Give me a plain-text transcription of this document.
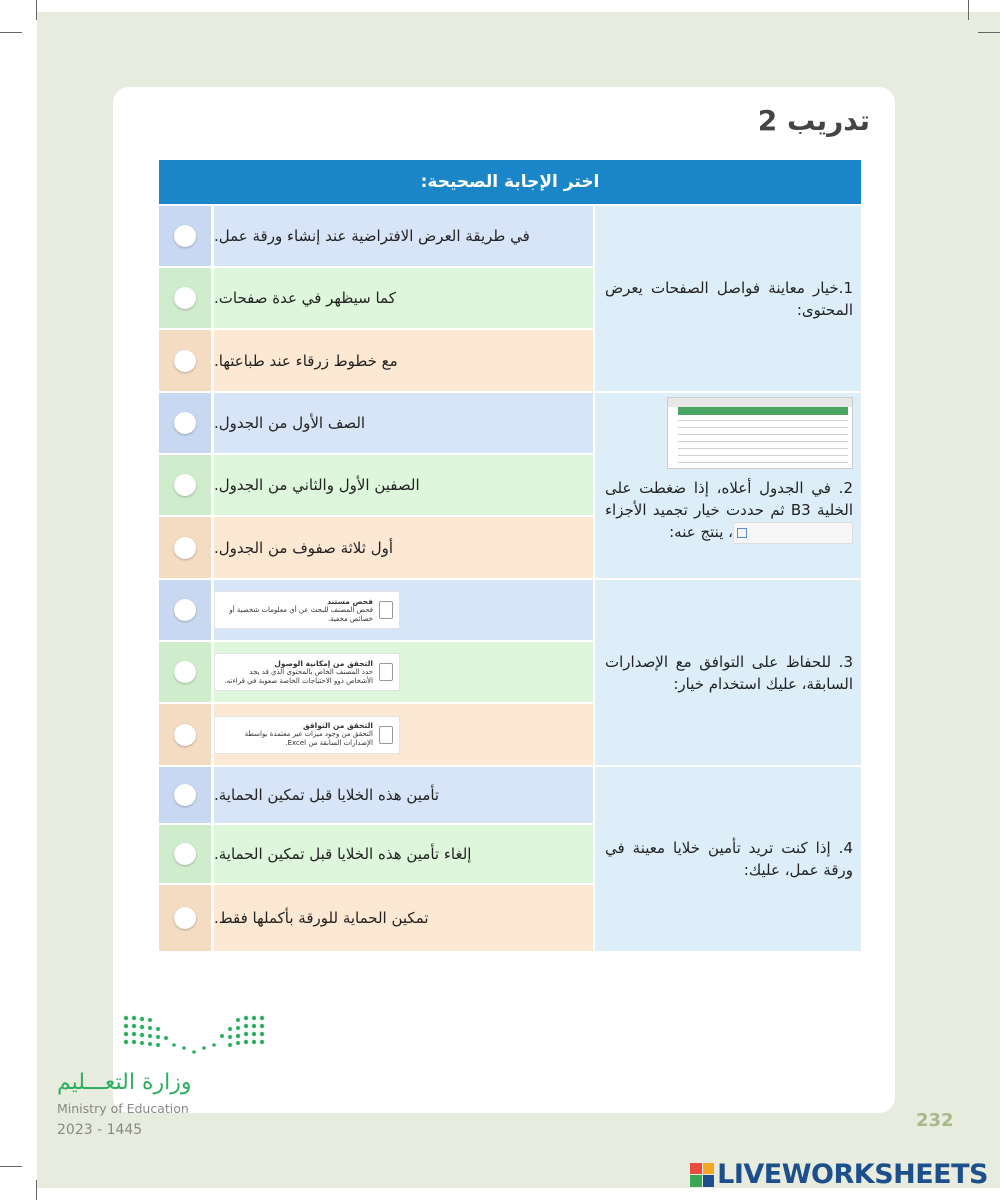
تدريب 2
اختر الإجابة الصحيحة:
1.خيار معاينة فواصل الصفحات يعرض المحتوى:
في طريقة العرض الافتراضية عند إنشاء ورقة عمل.
كما سيظهر في عدة صفحات.
مع خطوط زرقاء عند طباعتها.
2. في الجدول أعلاه، إذا ضغطت على الخلية B3 ثم حددت خيار تجميد الأجزاء
، ينتج عنه:
الصف الأول من الجدول.
الصفين الأول والثاني من الجدول.
أول ثلاثة صفوف من الجدول.
3. للحفاظ على التوافق مع الإصدارات السابقة، عليك استخدام خيار:
فحص مستند
فحص المصنف للبحث عن أي معلومات شخصية أو خصائص مخفية.
التحقق من إمكانية الوصول
حدد المصنف الخاص بالمحتوى الذي قد يجد الأشخاص ذوو الاحتياجات الخاصة صعوبة في قراءته.
التحقق من التوافق
التحقق من وجود ميزات غير معتمدة بواسطة الإصدارات السابقة من Excel.
4. إذا كنت تريد تأمين خلايا معينة في ورقة عمل، عليك:
تأمين هذه الخلايا قبل تمكين الحماية.
إلغاء تأمين هذه الخلايا قبل تمكين الحماية.
تمكين الحماية للورقة بأكملها فقط.
وزارة التعـــليم
Ministry of Education
2023 - 1445	232
LIVEWORKSHEETS
